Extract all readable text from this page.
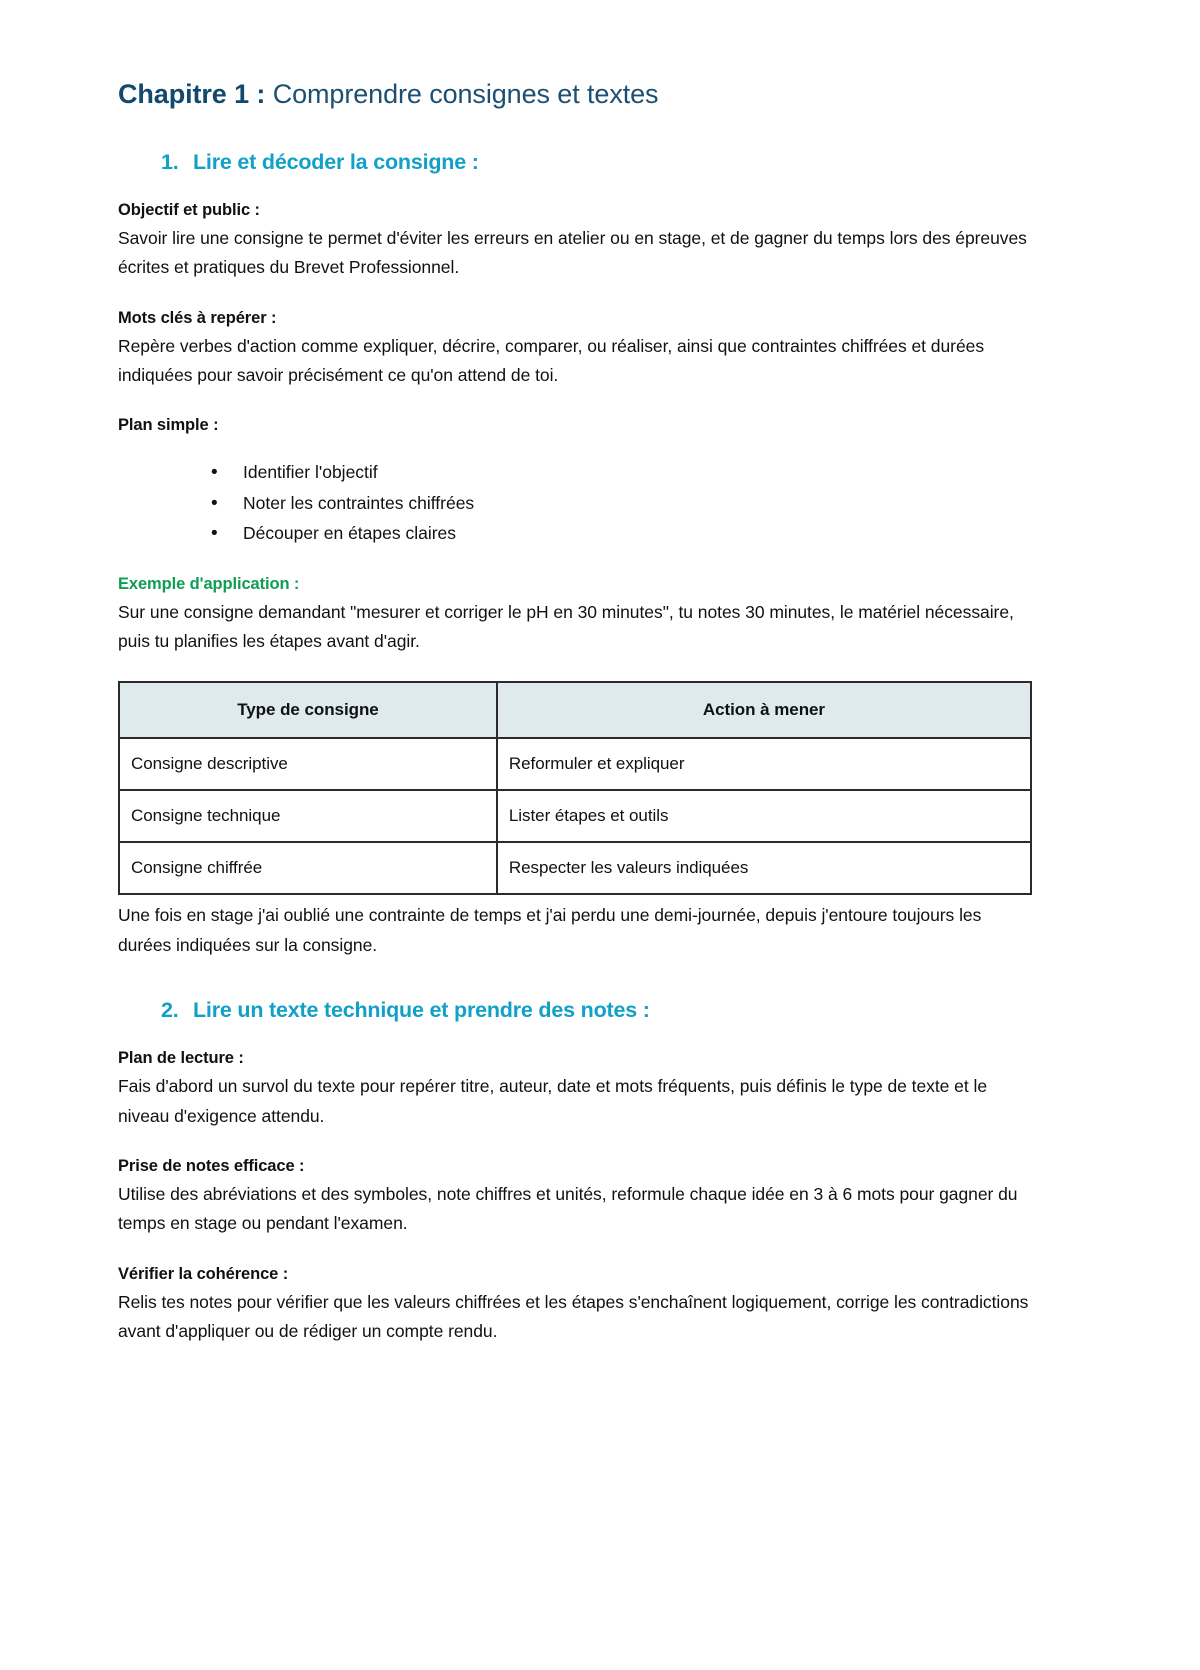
Chapitre 1 : Comprendre consignes et textes
1. Lire et décoder la consigne :
Objectif et public :

Savoir lire une consigne te permet d'éviter les erreurs en atelier ou en stage, et de gagner du temps lors des épreuves écrites et pratiques du Brevet Professionnel.

Mots clés à repérer :

Repère verbes d'action comme expliquer, décrire, comparer, ou réaliser, ainsi que contraintes chiffrées et durées indiquées pour savoir précisément ce qu'on attend de toi.

Plan simple :
• Identifier l'objectif
• Noter les contraintes chiffrées
• Découper en étapes claires
Exemple d'application :

Sur une consigne demandant "mesurer et corriger le pH en 30 minutes", tu notes 30 minutes, le matériel nécessaire, puis tu planifies les étapes avant d'agir.

Type de consigne	Action à mener
Consigne descriptive	Reformuler et expliquer
Consigne technique	Lister étapes et outils
Consigne chiffrée	Respecter les valeurs indiquées

Une fois en stage j'ai oublié une contrainte de temps et j'ai perdu une demi-journée, depuis j'entoure toujours les durées indiquées sur la consigne.

2. Lire un texte technique et prendre des notes :
Plan de lecture :

Fais d'abord un survol du texte pour repérer titre, auteur, date et mots fréquents, puis définis le type de texte et le niveau d'exigence attendu.

Prise de notes efficace :

Utilise des abréviations et des symboles, note chiffres et unités, reformule chaque idée en 3 à 6 mots pour gagner du temps en stage ou pendant l'examen.

Vérifier la cohérence :

Relis tes notes pour vérifier que les valeurs chiffrées et les étapes s'enchaînent logiquement, corrige les contradictions avant d'appliquer ou de rédiger un compte rendu.
